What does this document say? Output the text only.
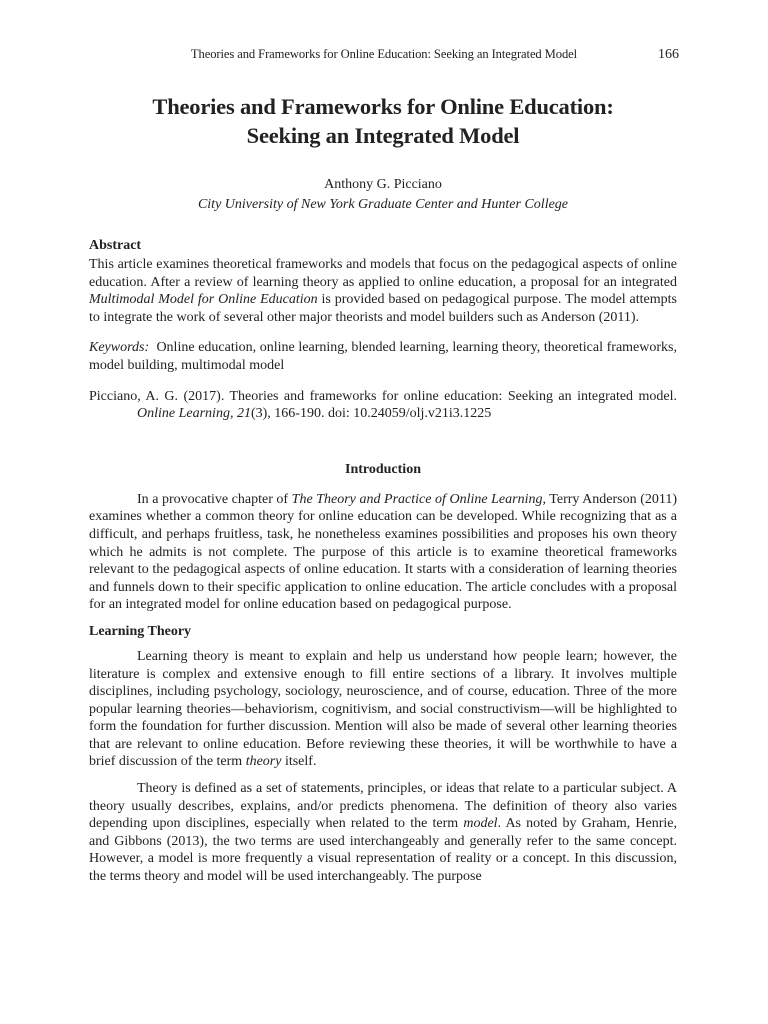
Theories and Frameworks for Online Education: Seeking an Integrated Model	166
Theories and Frameworks for Online Education:
Seeking an Integrated Model
Anthony G. Picciano
City University of New York Graduate Center and Hunter College
Abstract

This article examines theoretical frameworks and models that focus on the pedagogical aspects of online education. After a review of learning theory as applied to online education, a proposal for an integrated Multimodal Model for Online Education is provided based on pedagogical purpose. The model attempts to integrate the work of several other major theorists and model builders such as Anderson (2011).

Keywords:  Online education, online learning, blended learning, learning theory, theoretical frameworks, model building, multimodal model

Picciano, A. G. (2017). Theories and frameworks for online education: Seeking an integrated model. Online Learning, 21(3), 166-190. doi: 10.24059/olj.v21i3.1225

Introduction

In a provocative chapter of The Theory and Practice of Online Learning, Terry Anderson (2011) examines whether a common theory for online education can be developed. While recognizing that as a difficult, and perhaps fruitless, task, he nonetheless examines possibilities and proposes his own theory which he admits is not complete. The purpose of this article is to examine theoretical frameworks relevant to the pedagogical aspects of online education. It starts with a consideration of learning theories and funnels down to their specific application to online education. The article concludes with a proposal for an integrated model for online education based on pedagogical purpose.

Learning Theory

Learning theory is meant to explain and help us understand how people learn; however, the literature is complex and extensive enough to fill entire sections of a library. It involves multiple disciplines, including psychology, sociology, neuroscience, and of course, education. Three of the more popular learning theories—behaviorism, cognitivism, and social constructivism—will be highlighted to form the foundation for further discussion. Mention will also be made of several other learning theories that are relevant to online education. Before reviewing these theories, it will be worthwhile to have a brief discussion of the term theory itself.

Theory is defined as a set of statements, principles, or ideas that relate to a particular subject. A theory usually describes, explains, and/or predicts phenomena. The definition of theory also varies depending upon disciplines, especially when related to the term model. As noted by Graham, Henrie, and Gibbons (2013), the two terms are used interchangeably and generally refer to the same concept. However, a model is more frequently a visual representation of reality or a concept. In this discussion, the terms theory and model will be used interchangeably. The purpose
